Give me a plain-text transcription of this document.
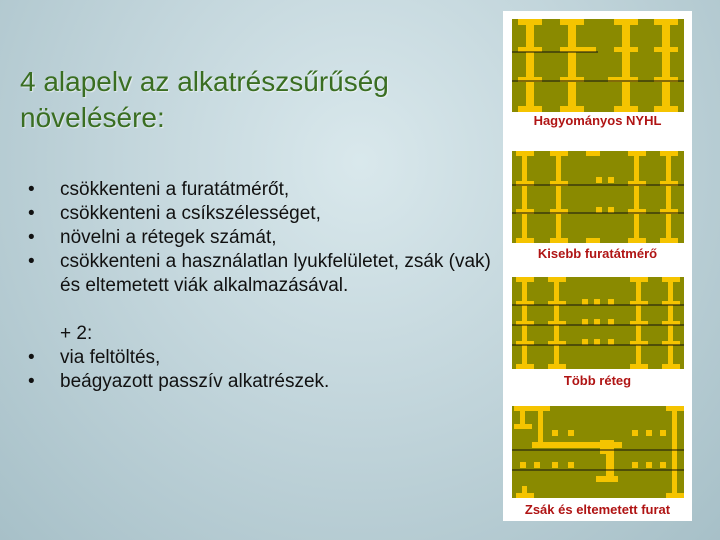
4 alapelv az alkatrészsűrűség növelésére:
• csökkenteni a furatátmérőt,
• csökkenteni a csíkszélességet,
• növelni a rétegek számát,
• csökkenteni a használatlan lyukfelületet, zsák (vak) és eltemetett viák alkalmazásával.
+ 2:
• via feltöltés,
• beágyazott passzív alkatrészek.
Hagyományos NYHL
Kisebb furatátmérő
Több réteg
Zsák és eltemetett furat
